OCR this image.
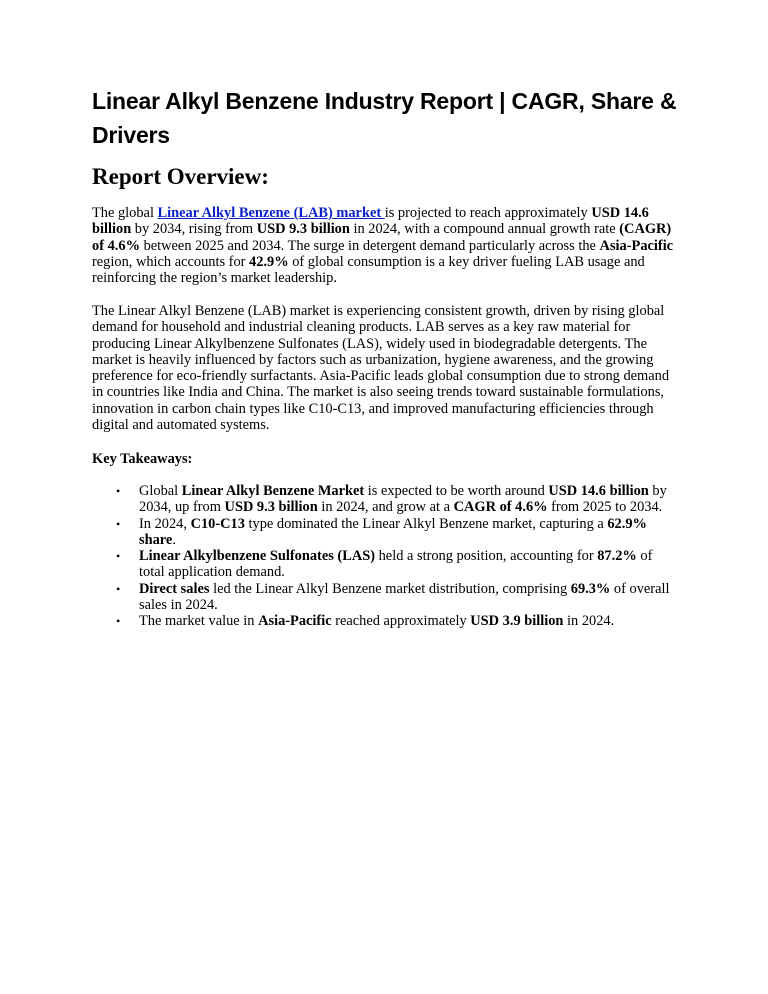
Linear Alkyl Benzene Industry Report | CAGR, Share & Drivers
Report Overview:

The global Linear Alkyl Benzene (LAB) market is projected to reach approximately USD 14.6 billion by 2034, rising from USD 9.3 billion in 2024, with a compound annual growth rate (CAGR) of 4.6% between 2025 and 2034. The surge in detergent demand particularly across the Asia-Pacific region, which accounts for 42.9% of global consumption is a key driver fueling LAB usage and reinforcing the region’s market leadership.

The Linear Alkyl Benzene (LAB) market is experiencing consistent growth, driven by rising global demand for household and industrial cleaning products. LAB serves as a key raw material for producing Linear Alkylbenzene Sulfonates (LAS), widely used in biodegradable detergents. The market is heavily influenced by factors such as urbanization, hygiene awareness, and the growing preference for eco-friendly surfactants. Asia-Pacific leads global consumption due to strong demand in countries like India and China. The market is also seeing trends toward sustainable formulations, innovation in carbon chain types like C10-C13, and improved manufacturing efficiencies through digital and automated systems.

Key Takeaways:
• Global Linear Alkyl Benzene Market is expected to be worth around USD 14.6 billion by 2034, up from USD 9.3 billion in 2024, and grow at a CAGR of 4.6% from 2025 to 2034.
• In 2024, C10-C13 type dominated the Linear Alkyl Benzene market, capturing a 62.9% share.
• Linear Alkylbenzene Sulfonates (LAS) held a strong position, accounting for 87.2% of total application demand.
• Direct sales led the Linear Alkyl Benzene market distribution, comprising 69.3% of overall sales in 2024.
• The market value in Asia-Pacific reached approximately USD 3.9 billion in 2024.
